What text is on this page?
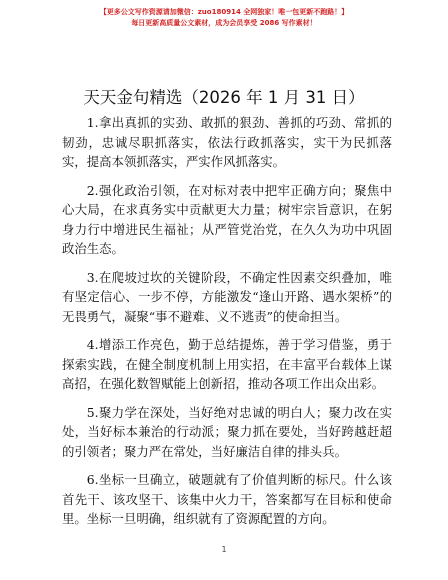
【更多公文写作资源请加微信：zuo180914 全网独家！唯一包更新不跑路！】
每日更新高质量公文素材，成为会员享受 2086 写作素材！
天天金句精选（2026 年 1 月 31 日）

1.拿出真抓的实劲、敢抓的狠劲、善抓的巧劲、常抓的韧劲，忠诚尽职抓落实，依法行政抓落实，实干为民抓落实，提高本领抓落实，严实作风抓落实。

2.强化政治引领，在对标对表中把牢正确方向；聚焦中心大局，在求真务实中贡献更大力量；树牢宗旨意识，在躬身力行中增进民生福祉；从严管党治党，在久久为功中巩固政治生态。

3.在爬坡过坎的关键阶段，不确定性因素交织叠加，唯有坚定信心、一步不停，方能激发“逢山开路、遇水架桥”的无畏勇气，凝聚“事不避难、义不逃责”的使命担当。

4.增添工作亮色，勤于总结提炼，善于学习借鉴，勇于探索实践，在健全制度机制上用实招，在丰富平台载体上谋高招，在强化数智赋能上创新招，推动各项工作出众出彩。

5.聚力学在深处，当好绝对忠诚的明白人；聚力改在实处，当好标本兼治的行动派；聚力抓在要处，当好跨越赶超的引领者；聚力严在常处，当好廉洁自律的排头兵。

6.坐标一旦确立，破题就有了价值判断的标尺。什么该首先干、该攻坚干、该集中火力干，答案都写在目标和使命里。坐标一旦明确，组织就有了资源配置的方向。

1
